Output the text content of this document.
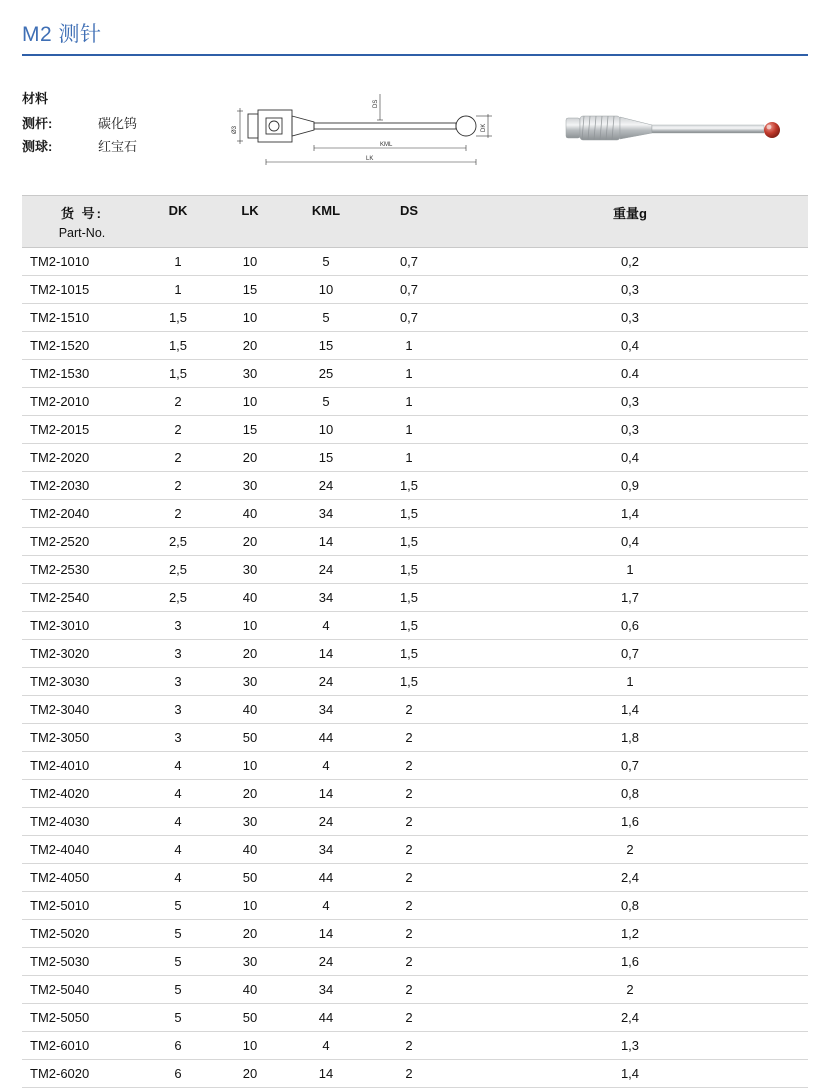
M2 测针
材料
测杆:	碳化钨
测球:	红宝石
Ø3
DS
DK
KML
LK
货 号:
Part-No.	DK	LK	KML	DS	重量g
TM2-1010	1	10	5	0,7	0,2
TM2-1015	1	15	10	0,7	0,3
TM2-1510	1,5	10	5	0,7	0,3
TM2-1520	1,5	20	15	1	0,4
TM2-1530	1,5	30	25	1	0.4
TM2-2010	2	10	5	1	0,3
TM2-2015	2	15	10	1	0,3
TM2-2020	2	20	15	1	0,4
TM2-2030	2	30	24	1,5	0,9
TM2-2040	2	40	34	1,5	1,4
TM2-2520	2,5	20	14	1,5	0,4
TM2-2530	2,5	30	24	1,5	1
TM2-2540	2,5	40	34	1,5	1,7
TM2-3010	3	10	4	1,5	0,6
TM2-3020	3	20	14	1,5	0,7
TM2-3030	3	30	24	1,5	1
TM2-3040	3	40	34	2	1,4
TM2-3050	3	50	44	2	1,8
TM2-4010	4	10	4	2	0,7
TM2-4020	4	20	14	2	0,8
TM2-4030	4	30	24	2	1,6
TM2-4040	4	40	34	2	2
TM2-4050	4	50	44	2	2,4
TM2-5010	5	10	4	2	0,8
TM2-5020	5	20	14	2	1,2
TM2-5030	5	30	24	2	1,6
TM2-5040	5	40	34	2	2
TM2-5050	5	50	44	2	2,4
TM2-6010	6	10	4	2	1,3
TM2-6020	6	20	14	2	1,4
